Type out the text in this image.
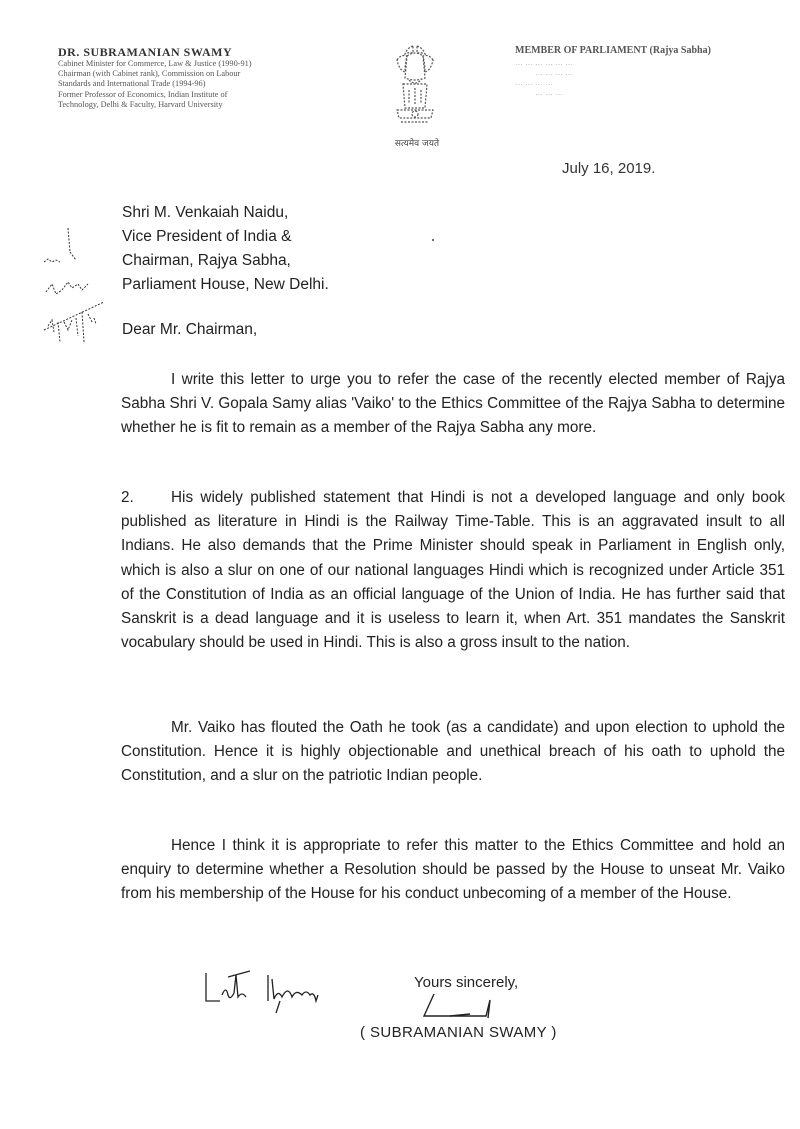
DR. SUBRAMANIAN SWAMY
Cabinet Minister for Commerce, Law & Justice (1990-91)
Chairman (with Cabinet rank), Commission on Labour
Standards and International Trade (1994-96)
Former Professor of Economics, Indian Institute of
Technology, Delhi & Faculty, Harvard University
सत्यमेव जयते
MEMBER OF PARLIAMENT (Rajya Sabha)
⋯ ⋯ ⋯ ⋯ ⋯ ⋯
⋯ ⋯ ⋯ ⋯
⋯ ⋯ ⋯ ⋯
⋯ ⋯ ⋯
July 16, 2019.
Shri M. Venkaiah Naidu,
Vice President of India &
Chairman, Rajya Sabha,
Parliament House, New Delhi.
Dear Mr. Chairman,

I write this letter to urge you to refer the case of the recently elected member of Rajya Sabha Shri V. Gopala Samy alias 'Vaiko' to the Ethics Committee of the Rajya Sabha to determine whether he is fit to remain as a member of the Rajya Sabha any more.

2. His widely published statement that Hindi is not a developed language and only book published as literature in Hindi is the Railway Time-Table. This is an aggravated insult to all Indians. He also demands that the Prime Minister should speak in Parliament in English only, which is also a slur on one of our national languages Hindi which is recognized under Article 351 of the Constitution of India as an official language of the Union of India. He has further said that Sanskrit is a dead language and it is useless to learn it, when Art. 351 mandates the Sanskrit vocabulary should be used in Hindi. This is also a gross insult to the nation.

Mr. Vaiko has flouted the Oath he took (as a candidate) and upon election to uphold the Constitution. Hence it is highly objectionable and unethical breach of his oath to uphold the Constitution, and a slur on the patriotic Indian people.

Hence I think it is appropriate to refer this matter to the Ethics Committee and hold an enquiry to determine whether a Resolution should be passed by the House to unseat Mr. Vaiko from his membership of the House for his conduct unbecoming of a member of the House.

Yours sincerely,
( SUBRAMANIAN SWAMY )
